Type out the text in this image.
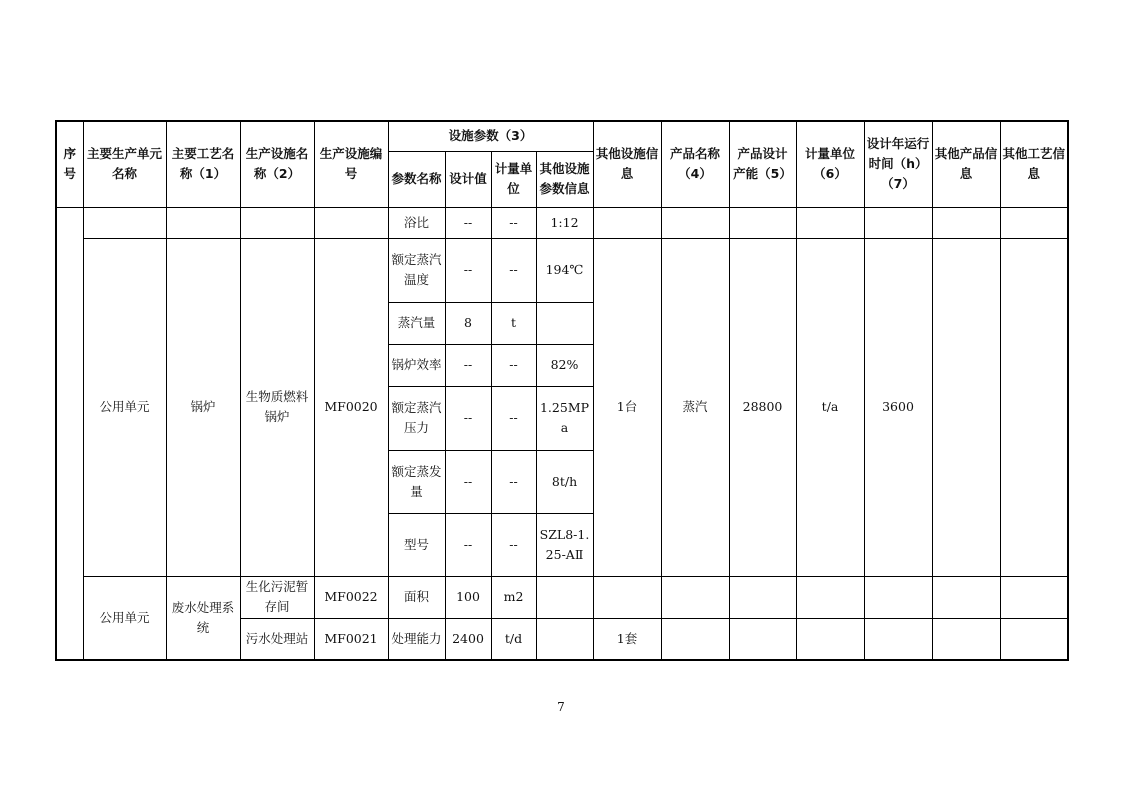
序号	主要生产单元名称	主要工艺名称（1）	生产设施名称（2）	生产设施编号	设施参数（3）				其他设施信息	产品名称（4）	产品设计产能（5）	计量单位（6）	设计年运行时间（h）（7）	其他产品信息	其他工艺信息
					参数名称	设计值	计量单位	其他设施参数信息							
					浴比	--	--	1:12							
	公用单元	锅炉	生物质燃料锅炉	MF0020	额定蒸汽温度	--	--	194℃	1台	蒸汽	28800	t/a	3600		
					蒸汽量	8	t								
					锅炉效率	--	--	82%							
					额定蒸汽压力	--	--	1.25MPa							
					额定蒸发量	--	--	8t/h							
					型号	--	--	SZL8-1.25-AⅡ							
	公用单元	废水处理系统	生化污泥暂存间	MF0022	面积	100	m2								
			污水处理站	MF0021	处理能力	2400	t/d		1套						
7
